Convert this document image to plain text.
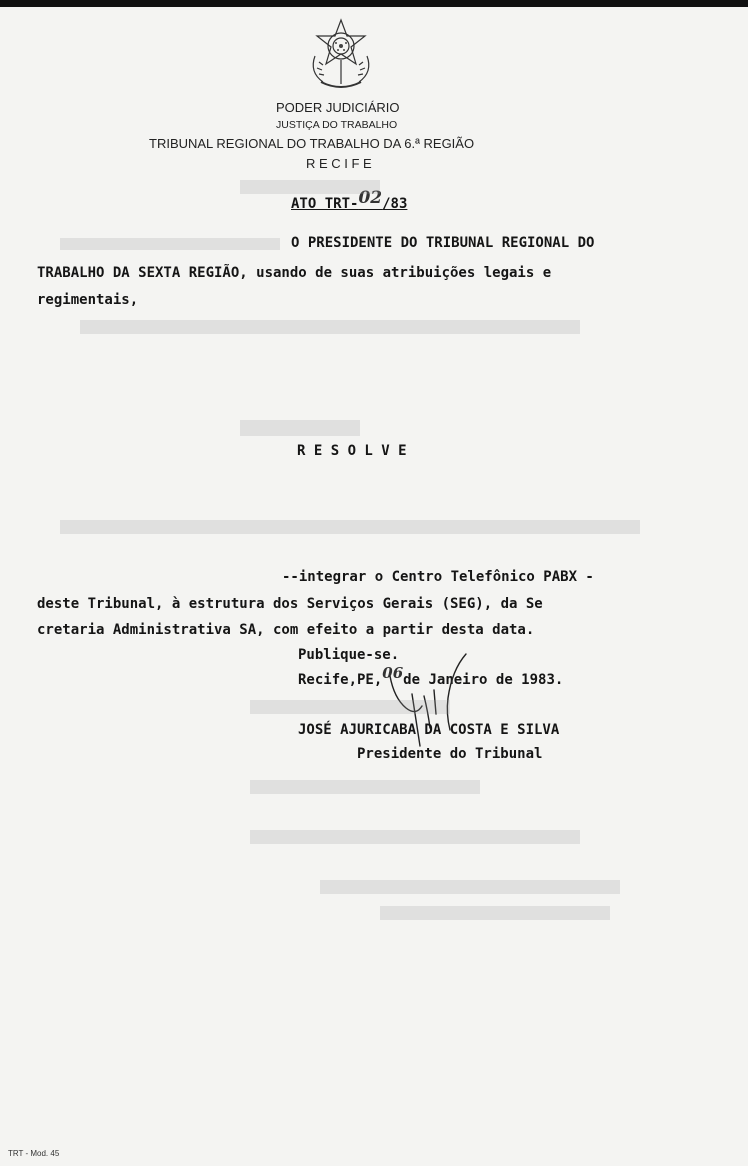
PODER JUDICIÁRIO
JUSTIÇA DO TRABALHO
TRIBUNAL REGIONAL DO TRABALHO DA 6.ª REGIÃO
R E C I F E
ATO TRT-02/83
O PRESIDENTE DO TRIBUNAL REGIONAL DO
TRABALHO DA SEXTA REGIÃO, usando de suas atribuições legais e
regimentais,
R E S O L V E
--integrar o Centro Telefônico PABX -
deste Tribunal, à estrutura dos Serviços Gerais (SEG), da Se
cretaria Administrativa SA, com efeito a partir desta data.
Publique-se.
Recife,PE,06de Janeiro de 1983.
JOSÉ AJURICABA DA COSTA E SILVA
Presidente do Tribunal
TRT - Mod. 45
